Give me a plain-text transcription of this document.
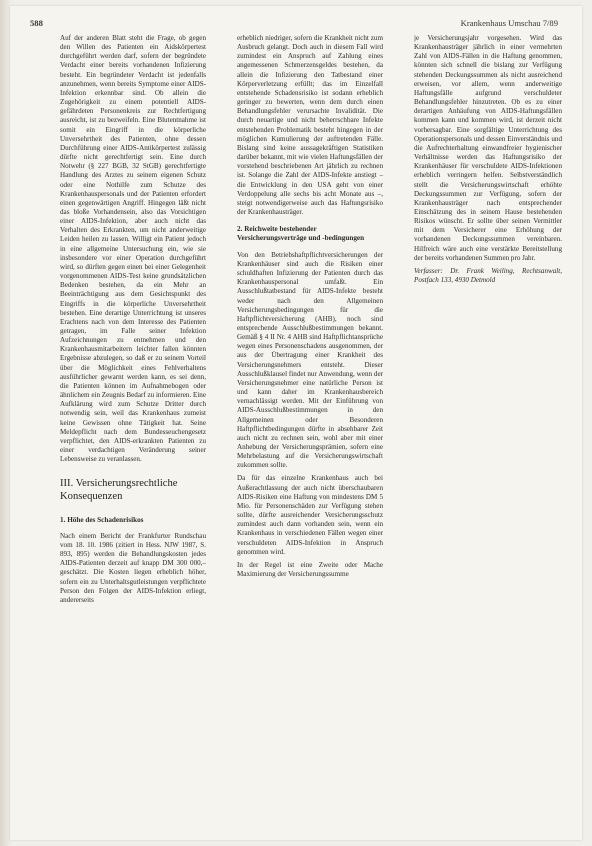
588	Krankenhaus Umschau 7/89

Auf der anderen Blatt steht die Frage, ob gegen den Willen des Patienten ein Aidskörpertest durchgeführt werden darf, sofern der begründete Verdacht einer bereits vorhandenen Infizierung besteht. Ein begründeter Verdacht ist jedenfalls anzunehmen, wenn bereits Symptome einer AIDS-Infektion erkennbar sind. Ob allein die Zugehörigkeit zu einem potentiell AIDS-gefährdeten Personenkreis zur Rechtfertigung ausreicht, ist zu bezweifeln. Eine Blutentnahme ist somit ein Eingriff in die körperliche Unversehrtheit des Patienten, ohne dessen Durchführung einer AIDS-Antikörpertest zulässig dürfte nicht gerechtfertigt sein. Eine durch Notwehr (§ 227 BGB, 32 StGB) gerechtfertigte Handlung des Arztes zu seinem eigenen Schutz oder eine Nothilfe zum Schutze des Krankenhauspersonals und der Patienten erfordert einen gegenwärtigen Angriff. Hingegen läßt nicht das bloße Vorhandensein, also das Vorsichtigen einer AIDS-Infektion, aber auch nicht das Verhalten des Erkrankten, um nicht anderweitige Leiden heilen zu lassen. Willigt ein Patient jedoch in eine allgemeine Untersuchung ein, wie sie insbesondere vor einer Operation durchgeführt wird, so dürften gegen einen bei einer Gelegenheit vorgenommenen AIDS-Test keine grundsätzlichen Bedenken bestehen, da ein Mehr an Beeinträchtigung aus dem Gesichtspunkt des Eingriffs in die körperliche Unversehrtheit bestehen. Eine derartige Unterrichtung ist unseres Erachtens nach von dem Interesse des Patienten getragen, im Falle seiner Infektion Aufzeichnungen zu entnehmen und den Krankenhausmitarbeitern leichter fallen könnten Ergebnisse abzulegen, so daß er zu seinem Vorteil über die Möglichkeit eines Fehlverhaltens ausführlicher gewarnt werden kann, es sei denn, die Patienten können im Aufnahmebogen oder ähnlichem ein Zeugnis Bedarf zu informieren. Eine Aufklärung wird zum Schutze Dritter durch notwendig sein, weil das Krankenhaus zumeist keine Gewissen ohne Tätigkeit hat. Seine Meldepflicht nach dem Bundesseuchengesetz verpflichtet, den AIDS-erkrankten Patienten zu einer verdachtigen Veränderung seiner Lebensweise zu veranlassen.

III. Versicherungsrechtliche Konsequenzen
1. Höhe des Schadenrisikos

Nach einem Bericht der Frankfurter Rundschau vom 18. 10. 1986 (zitiert in Hess. NJW 1987, S. 893, 895) werden die Behandlungskosten jedes AIDS-Patienten derzeit auf knapp DM 300 000,– geschätzt. Die Kosten liegen erheblich höher, sofern ein zu Unterhaltsgutleistungen verpflichtete Person den Folgen der AIDS-Infektion erliegt, andererseits

erheblich niedriger, sofern die Krankheit nicht zum Ausbruch gelangt. Doch auch in diesem Fall wird zumindest ein Anspruch auf Zahlung eines angemessenen Schmerzensgeldes bestehen, da allein die Infizierung den Tatbestand einer Körperverletzung erfüllt; das im Einzelfall entstehende Schadensrisiko ist sodann erheblich geringer zu bewerten, wenn dem durch einen Behandlungsfehler verursachte Invalidität. Die durch neuartige und nicht beherrschbare Infekte entstehenden Problematik besteht hingegen in der möglichen Kumulierung der auftretenden Fälle. Bislang sind keine aussagekräftigen Statistiken darüber bekannt, mit wie vielen Haftungsfällen der vorstehend beschriebenen Art jährlich zu rechnen ist. Solange die Zahl der AIDS-Infekte anstiegt – die Entwicklung in den USA geht von einer Verdoppelung alle sechs bis acht Monate aus –, steigt notwendigerweise auch das Haftungsrisiko der Krankenhausträger.

2. Reichweite bestehender Versicherungsverträge und -bedingungen

Von den Betriebshaftpflichtversicherungen der Krankenhäuser sind auch die Risiken einer schuldhaften Infizierung der Patienten durch das Krankenhauspersonal umfaßt. Ein Ausschlußtatbestand für AIDS-Infekte besteht weder nach den Allgemeinen Versicherungsbedingungen für die Haftpflichtversicherung (AHB), noch sind entsprechende Ausschlußbestimmungen bekannt. Gemäß § 4 II Nr. 4 AHB sind Haftpflichtansprüche wegen eines Personenschadens ausgenommen, der aus der Übertragung einer Krankheit des Versicherungsnehmers entsteht. Dieser Ausschlußklausel findet nur Anwendung, wenn der Versicherungsnehmer eine natürliche Person ist und kann daher im Krankenhausbereich vernachlässigt werden. Mit der Einführung von AIDS-Ausschlußbestimmungen in den Allgemeinen oder Besonderen Haftpflichtbedingungen dürfte in absehbarer Zeit auch nicht zu rechnen sein, wohl aber mit einer Anhebung der Versicherungsprämien, sofern eine Mehrbelastung auf die Versicherungswirtschaft zukommen sollte.

Da für das einzelne Krankenhaus auch bei Außerachtlassung der auch nicht überschaubaren AIDS-Risiken eine Haftung von mindestens DM 5 Mio. für Personenschäden zur Verfügung stehen sollte, dürfte ausreichender Versicherungsschutz zumindest auch dann vorhanden sein, wenn ein Krankenhaus in verschiedenen Fällen wegen einer verschuldeten AIDS-Infektion in Anspruch genommen wird.

In der Regel ist eine Zweite oder Mache Maximierung der Versicherungssumme

je Versicherungsjahr vorgesehen. Wird das Krankenhausträger jährlich in einer vermehrten Zahl von AIDS-Fällen in die Haftung genommen, könnten sich schnell die bislang zur Verfügung stehenden Deckungssummen als nicht ausreichend erweisen, vor allem, wenn anderweitige Haftungsfälle aufgrund verschuldeter Behandlungsfehler hinzutreten. Ob es zu einer derartigen Anhäufung von AIDS-Haftungsfällen kommen kann und kommen wird, ist derzeit nicht vorhersagbar. Eine sorgfältige Unterrichtung des Operationspersonals und dessen Einverständnis und die Aufrechterhaltung einwandfreier hygienischer Verhältnisse werden das Haftungsrisiko der Krankenhäuser für verschuldete AIDS-Infektionen erheblich verringern helfen. Selbstverständlich stellt die Versicherungswirtschaft erhöhte Deckungssummen zur Verfügung, sofern der Krankenhausträger nach entsprechender Einschätzung des in seinem Hause bestehenden Risikos wünscht. Er sollte über seinen Vermittler mit dem Versicherer eine Erhöhung der vorhandenen Deckungssummen vereinbaren. Hilfreich wäre auch eine verstärkte Bereitstellung der bereits vorhandenen Summen pro Jahr.

Verfasser: Dr. Frank Weiling, Rechtsanwalt, Postfach 133, 4930 Detmold
